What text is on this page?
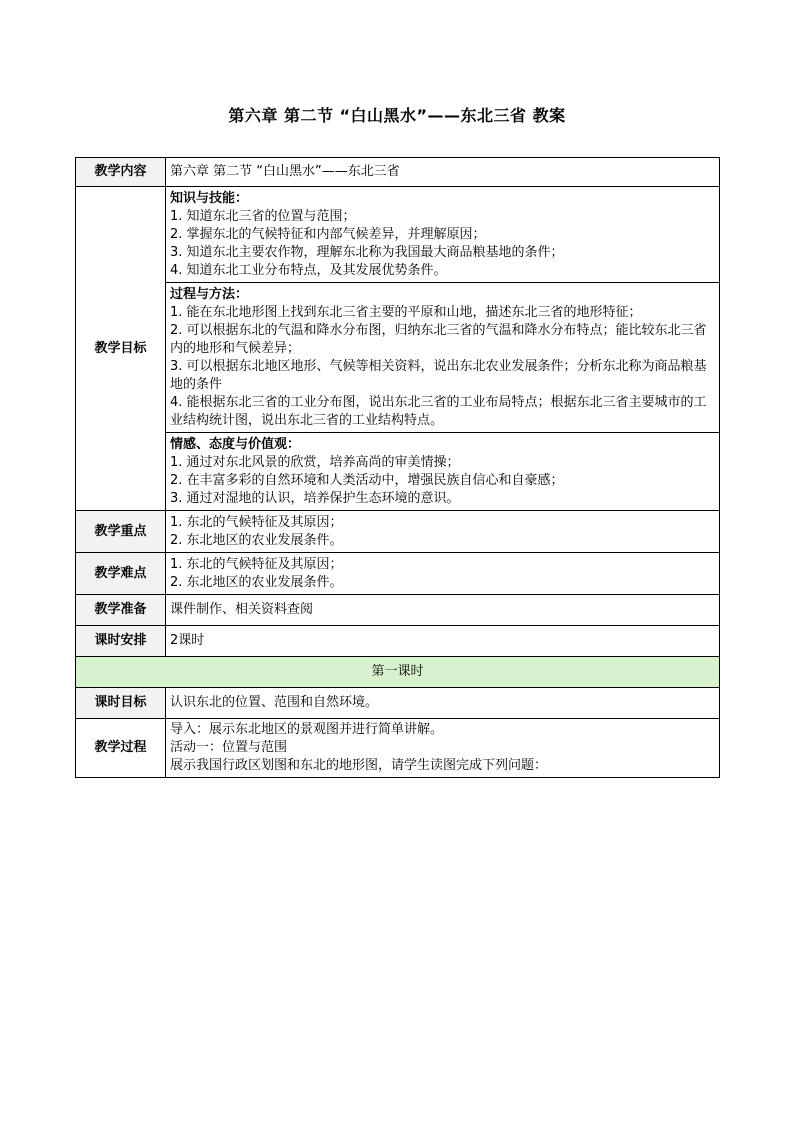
第六章 第二节 “白山黑水”——东北三省 教案
教学内容	第六章 第二节 “白山黑水”——东北三省
教学目标	知识与技能：
1. 知道东北三省的位置与范围；
2. 掌握东北的气候特征和内部气候差异，并理解原因；
3. 知道东北主要农作物，理解东北称为我国最大商品粮基地的条件；
4. 知道东北工业分布特点，及其发展优势条件。

	过程与方法：
1. 能在东北地形图上找到东北三省主要的平原和山地，描述东北三省的地形特征；
2. 可以根据东北的气温和降水分布图，归纳东北三省的气温和降水分布特点；能比较东北三省内的地形和气候差异；
3. 可以根据东北地区地形、气候等相关资料，说出东北农业发展条件；分析东北称为商品粮基地的条件
4. 能根据东北三省的工业分布图，说出东北三省的工业布局特点；根据东北三省主要城市的工业结构统计图，说出东北三省的工业结构特点。

	情感、态度与价值观：
1. 通过对东北风景的欣赏，培养高尚的审美情操；
2. 在丰富多彩的自然环境和人类活动中，增强民族自信心和自豪感；
3. 通过对湿地的认识，培养保护生态环境的意识。

教学重点	1. 东北的气候特征及其原因；
2. 东北地区的农业发展条件。

教学难点	1. 东北的气候特征及其原因；
2. 东北地区的农业发展条件。

教学准备	课件制作、相关资料查阅
课时安排	2课时
第一课时	
课时目标	认识东北的位置、范围和自然环境。
教学过程	导入：展示东北地区的景观图并进行简单讲解。
活动一：位置与范围
展示我国行政区划图和东北的地形图，请学生读图完成下列问题：
